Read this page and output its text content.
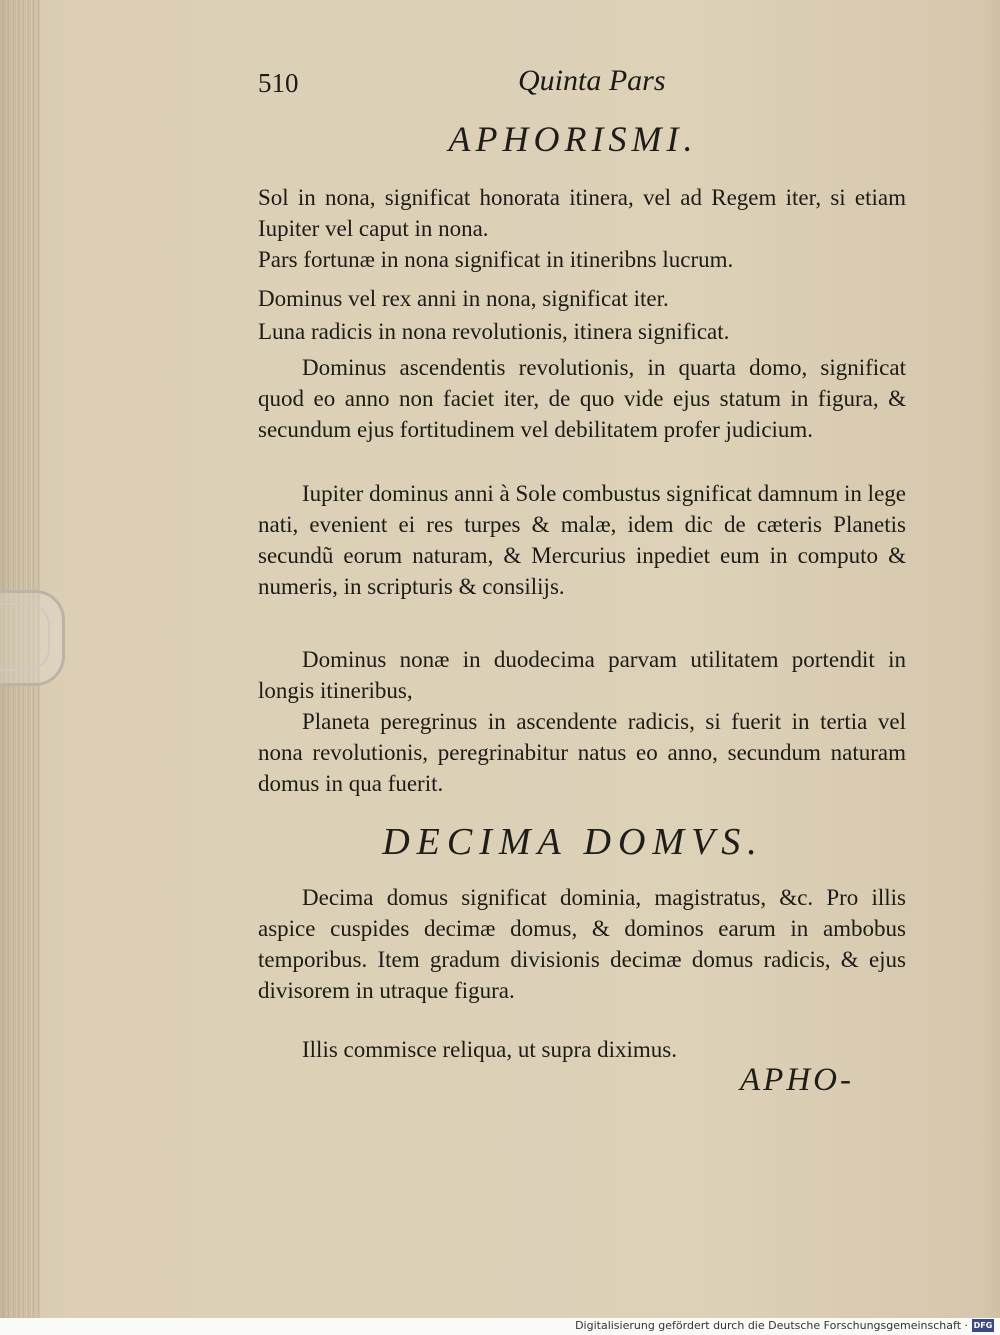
510	Quinta Pars
APHORISMI.

Sol in nona, significat honorata itinera, vel ad Regem iter, si etiam Iupiter vel caput in nona.

Pars fortunæ in nona significat in itineribns lucrum.

Dominus vel rex anni in nona, significat iter.

Luna radicis in nona revolutionis, itinera significat.

Dominus ascendentis revolutionis, in quarta domo, significat quod eo anno non faciet iter, de quo vide ejus statum in figura, & secundum ejus fortitudinem vel debilitatem profer judicium.

Iupiter dominus anni à Sole combustus significat damnum in lege nati, evenient ei res turpes & malæ, idem dic de cæteris Planetis secundũ eorum naturam, & Mercurius inpediet eum in computo & numeris, in scripturis & consilijs.

Dominus nonæ in duodecima parvam utilitatem portendit in longis itineribus,

Planeta peregrinus in ascendente radicis, si fuerit in tertia vel nona revolutionis, peregrinabitur natus eo anno, secundum naturam domus in qua fuerit.

DECIMA DOMVS.

Decima domus significat dominia, magistratus, &c. Pro illis aspice cuspides decimæ domus, & dominos earum in ambobus temporibus. Item gradum divisionis decimæ domus radicis, & ejus divisorem in utraque figura.

Illis commisce reliqua, ut supra diximus.

APHO-
Digitalisierung gefördert durch die Deutsche Forschungsgemeinschaft · DFG
